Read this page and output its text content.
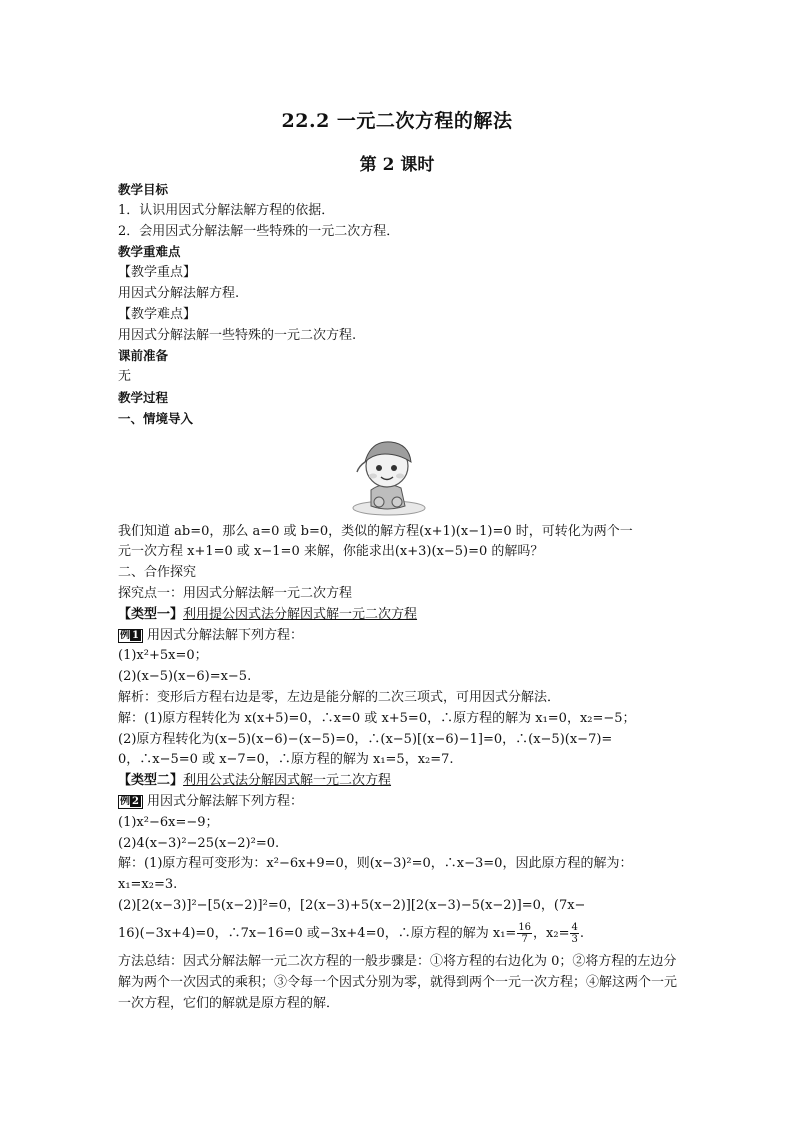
22.2 一元二次方程的解法
第 2 课时
教学目标
1．认识用因式分解法解方程的依据．
2．会用因式分解法解一些特殊的一元二次方程．
教学重难点
【教学重点】
用因式分解法解方程.
【教学难点】
用因式分解法解一些特殊的一元二次方程.
课前准备
无
教学过程
一、情境导入
我们知道 ab=0，那么 a=0 或 b=0，类似的解方程(x+1)(x−1)=0 时，可转化为两个一
元一次方程 x+1=0 或 x−1=0 来解，你能求出(x+3)(x−5)=0 的解吗？
二、合作探究
探究点一：用因式分解法解一元二次方程
【类型一】利用提公因式法分解因式解一元二次方程
例 1 用因式分解法解下列方程：
(1)x²+5x=0；
(2)(x−5)(x−6)=x−5.
解析：变形后方程右边是零，左边是能分解的二次三项式，可用因式分解法．
解：(1)原方程转化为 x(x+5)=0，∴x=0 或 x+5=0，∴原方程的解为 x₁=0，x₂=−5；
(2)原方程转化为(x−5)(x−6)−(x−5)=0，∴(x−5)[(x−6)−1]=0，∴(x−5)(x−7)=
0，∴x−5=0 或 x−7=0，∴原方程的解为 x₁=5，x₂=7.
【类型二】利用公式法分解因式解一元二次方程
例 2 用因式分解法解下列方程：
(1)x²−6x=−9；
(2)4(x−3)²−25(x−2)²=0.
解：(1)原方程可变形为：x²−6x+9=0，则(x−3)²=0，∴x−3=0，因此原方程的解为：
x₁=x₂=3.
(2)[2(x−3)]²−[5(x−2)]²=0，[2(x−3)+5(x−2)][2(x−3)−5(x−2)]=0，(7x−
16)(−3x+4)=0，∴7x−16=0 或−3x+4=0，∴原方程的解为 $x_1= \frac{16}{7}$ ，$x_2= \frac{4}{3}$ .
方法总结：因式分解法解一元二次方程的一般步骤是：①将方程的右边化为 0；②将方程的左边分解为两个一次因式的乘积；③令每一个因式分别为零，就得到两个一元一次方程；④解这两个一元一次方程，它们的解就是原方程的解．
